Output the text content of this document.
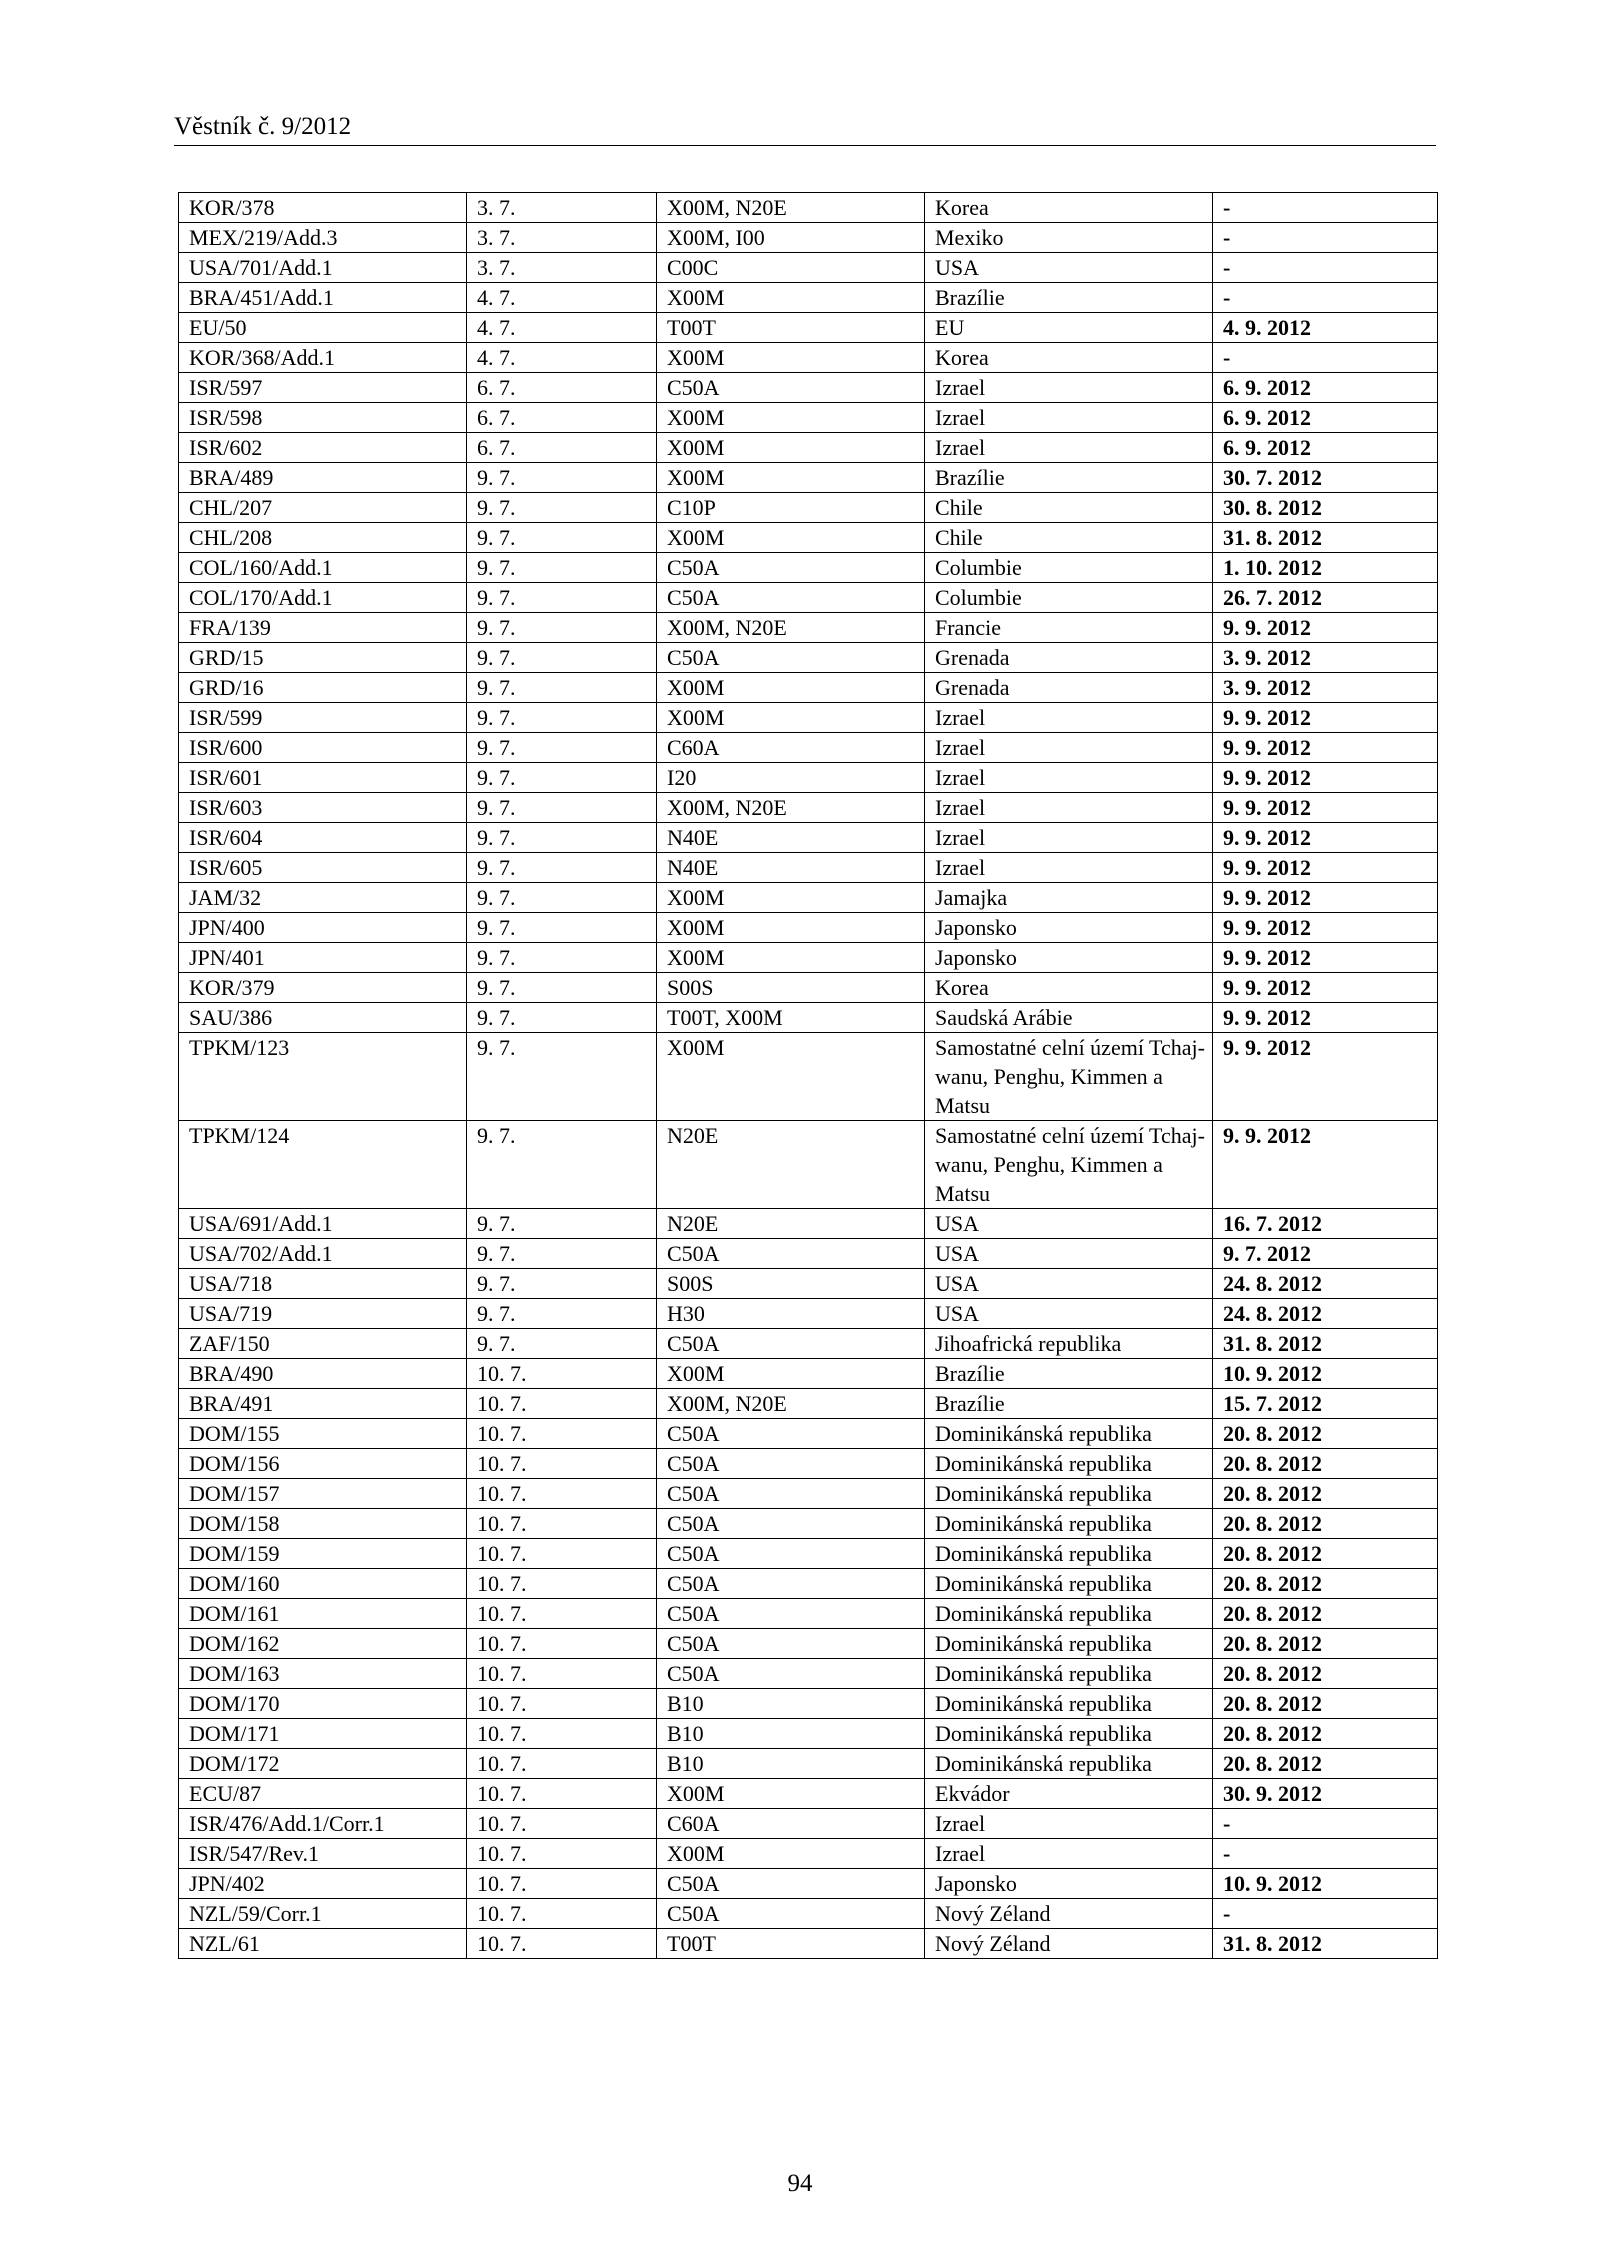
Věstník č. 9/2012
KOR/378	3. 7.	X00M, N20E	Korea	-
MEX/219/Add.3	3. 7.	X00M, I00	Mexiko	-
USA/701/Add.1	3. 7.	C00C	USA	-
BRA/451/Add.1	4. 7.	X00M	Brazílie	-
EU/50	4. 7.	T00T	EU	4. 9. 2012
KOR/368/Add.1	4. 7.	X00M	Korea	-
ISR/597	6. 7.	C50A	Izrael	6. 9. 2012
ISR/598	6. 7.	X00M	Izrael	6. 9. 2012
ISR/602	6. 7.	X00M	Izrael	6. 9. 2012
BRA/489	9. 7.	X00M	Brazílie	30. 7. 2012
CHL/207	9. 7.	C10P	Chile	30. 8. 2012
CHL/208	9. 7.	X00M	Chile	31. 8. 2012
COL/160/Add.1	9. 7.	C50A	Columbie	1. 10. 2012
COL/170/Add.1	9. 7.	C50A	Columbie	26. 7. 2012
FRA/139	9. 7.	X00M, N20E	Francie	9. 9. 2012
GRD/15	9. 7.	C50A	Grenada	3. 9. 2012
GRD/16	9. 7.	X00M	Grenada	3. 9. 2012
ISR/599	9. 7.	X00M	Izrael	9. 9. 2012
ISR/600	9. 7.	C60A	Izrael	9. 9. 2012
ISR/601	9. 7.	I20	Izrael	9. 9. 2012
ISR/603	9. 7.	X00M, N20E	Izrael	9. 9. 2012
ISR/604	9. 7.	N40E	Izrael	9. 9. 2012
ISR/605	9. 7.	N40E	Izrael	9. 9. 2012
JAM/32	9. 7.	X00M	Jamajka	9. 9. 2012
JPN/400	9. 7.	X00M	Japonsko	9. 9. 2012
JPN/401	9. 7.	X00M	Japonsko	9. 9. 2012
KOR/379	9. 7.	S00S	Korea	9. 9. 2012
SAU/386	9. 7.	T00T, X00M	Saudská Arábie	9. 9. 2012
TPKM/123	9. 7.	X00M	Samostatné celní území Tchaj-wanu, Penghu, Kimmen a Matsu	9. 9. 2012
TPKM/124	9. 7.	N20E	Samostatné celní území Tchaj-wanu, Penghu, Kimmen a Matsu	9. 9. 2012
USA/691/Add.1	9. 7.	N20E	USA	16. 7. 2012
USA/702/Add.1	9. 7.	C50A	USA	9. 7. 2012
USA/718	9. 7.	S00S	USA	24. 8. 2012
USA/719	9. 7.	H30	USA	24. 8. 2012
ZAF/150	9. 7.	C50A	Jihoafrická republika	31. 8. 2012
BRA/490	10. 7.	X00M	Brazílie	10. 9. 2012
BRA/491	10. 7.	X00M, N20E	Brazílie	15. 7. 2012
DOM/155	10. 7.	C50A	Dominikánská republika	20. 8. 2012
DOM/156	10. 7.	C50A	Dominikánská republika	20. 8. 2012
DOM/157	10. 7.	C50A	Dominikánská republika	20. 8. 2012
DOM/158	10. 7.	C50A	Dominikánská republika	20. 8. 2012
DOM/159	10. 7.	C50A	Dominikánská republika	20. 8. 2012
DOM/160	10. 7.	C50A	Dominikánská republika	20. 8. 2012
DOM/161	10. 7.	C50A	Dominikánská republika	20. 8. 2012
DOM/162	10. 7.	C50A	Dominikánská republika	20. 8. 2012
DOM/163	10. 7.	C50A	Dominikánská republika	20. 8. 2012
DOM/170	10. 7.	B10	Dominikánská republika	20. 8. 2012
DOM/171	10. 7.	B10	Dominikánská republika	20. 8. 2012
DOM/172	10. 7.	B10	Dominikánská republika	20. 8. 2012
ECU/87	10. 7.	X00M	Ekvádor	30. 9. 2012
ISR/476/Add.1/Corr.1	10. 7.	C60A	Izrael	-
ISR/547/Rev.1	10. 7.	X00M	Izrael	-
JPN/402	10. 7.	C50A	Japonsko	10. 9. 2012
NZL/59/Corr.1	10. 7.	C50A	Nový Zéland	-
NZL/61	10. 7.	T00T	Nový Zéland	31. 8. 2012
94
